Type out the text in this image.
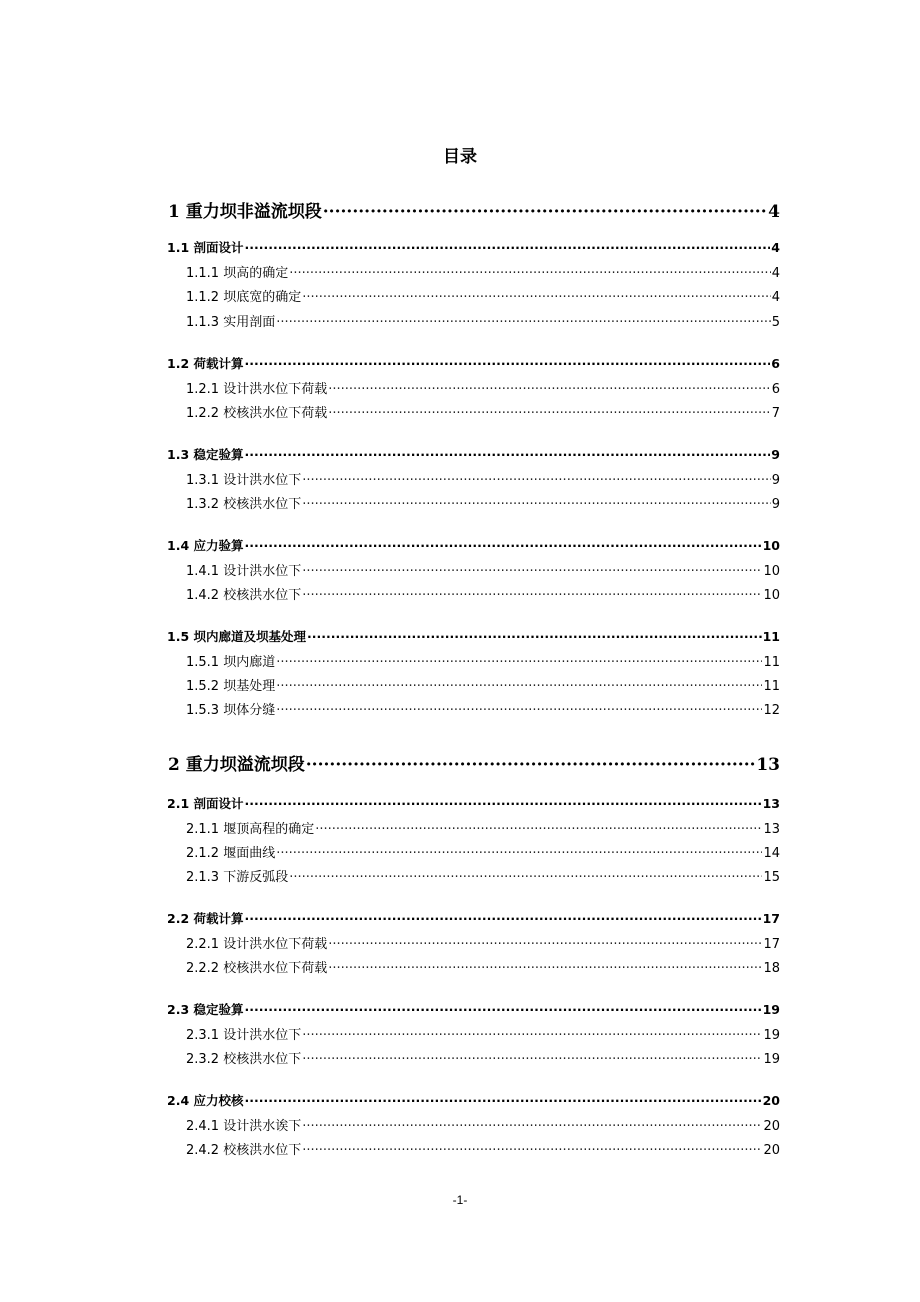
目录
1 重力坝非溢流坝段 ·····	4
1.1 剖面设计 ·····	4
1.1.1 坝高的确定 ·····	4
1.1.2 坝底宽的确定 ·····	4
1.1.3 实用剖面 ·····	5
1.2 荷载计算 ·····	6
1.2.1 设计洪水位下荷载 ·····	6
1.2.2 校核洪水位下荷载 ·····	7
1.3 稳定验算 ·····	9
1.3.1 设计洪水位下 ·····	9
1.3.2 校核洪水位下 ·····	9
1.4 应力验算 ·····	10
1.4.1 设计洪水位下 ·····	10
1.4.2 校核洪水位下 ·····	10
1.5 坝内廊道及坝基处理 ·····	11
1.5.1 坝内廊道 ·····	11
1.5.2 坝基处理 ·····	11
1.5.3 坝体分缝 ·····	12
2 重力坝溢流坝段 ·····	13
2.1 剖面设计 ·····	13
2.1.1 堰顶高程的确定 ·····	13
2.1.2 堰面曲线 ·····	14
2.1.3 下游反弧段 ·····	15
2.2 荷载计算 ·····	17
2.2.1 设计洪水位下荷载 ·····	17
2.2.2 校核洪水位下荷载 ·····	18
2.3 稳定验算 ·····	19
2.3.1 设计洪水位下 ·····	19
2.3.2 校核洪水位下 ·····	19
2.4 应力校核 ·····	20
2.4.1 设计洪水诶下 ·····	20
2.4.2 校核洪水位下 ·····	20
-1-
